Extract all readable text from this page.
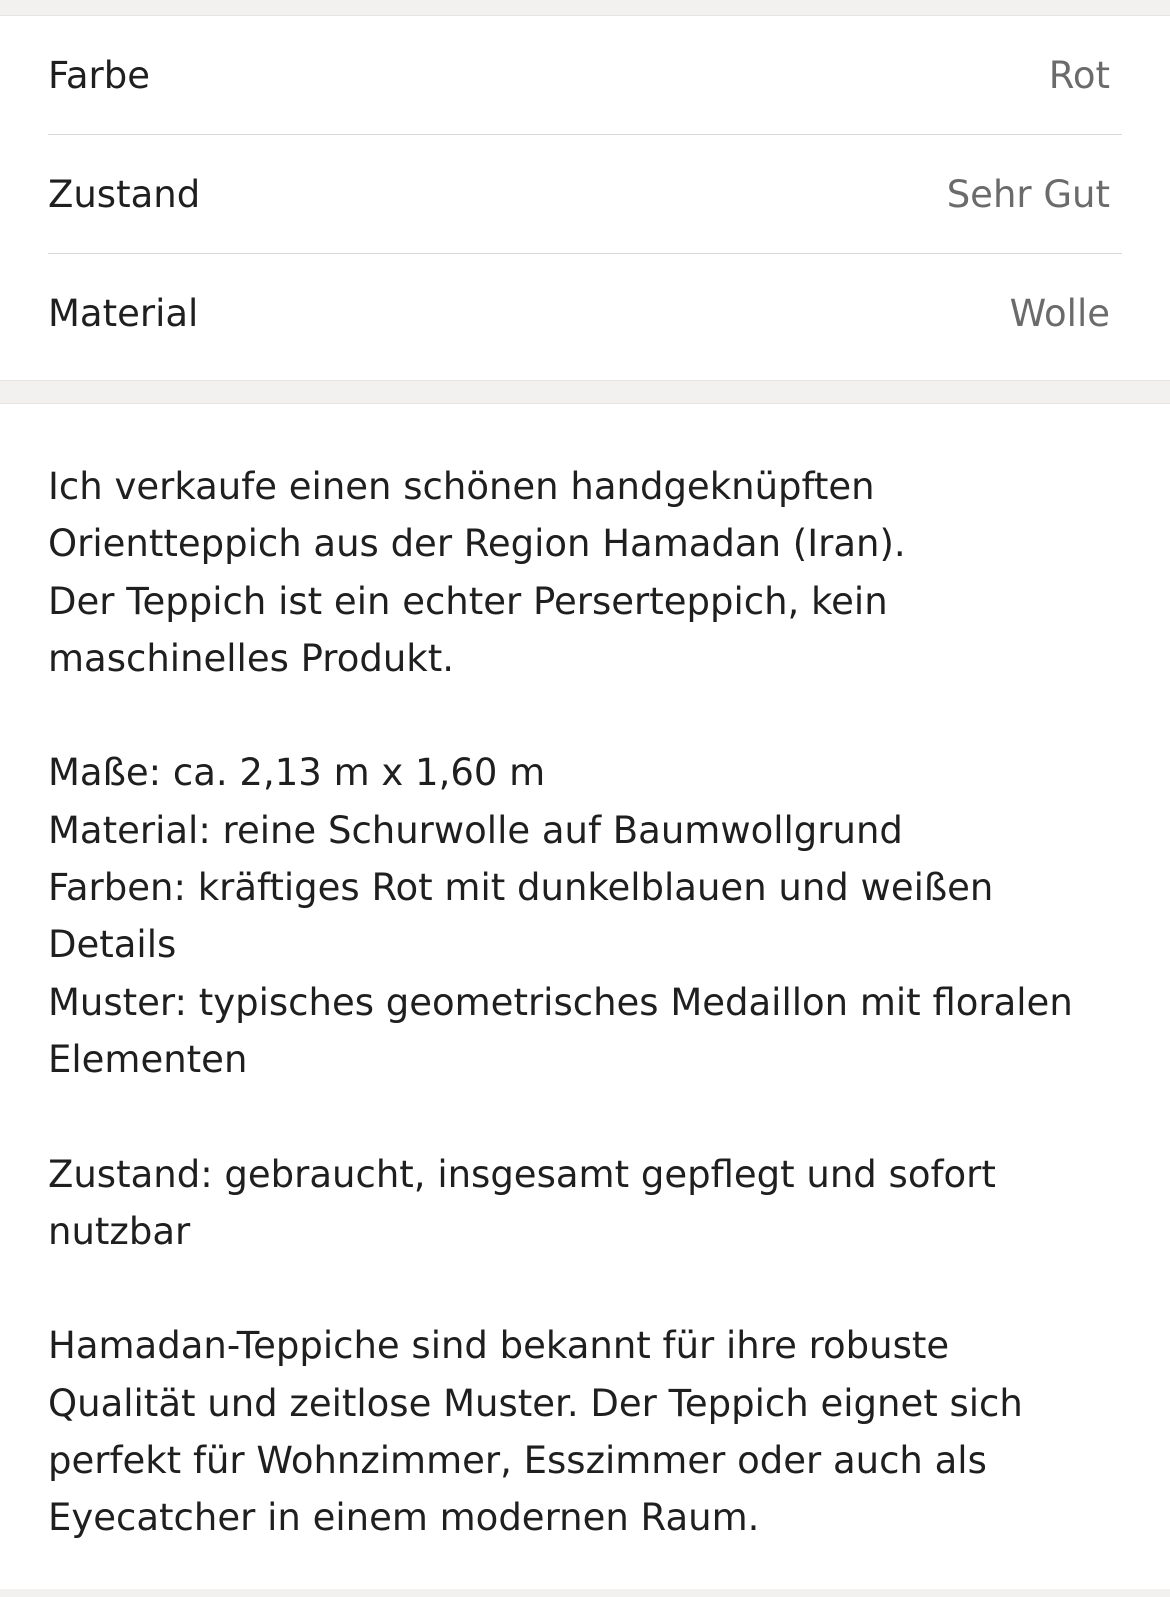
Farbe	Rot
Zustand	Sehr Gut
Material	Wolle

Ich verkaufe einen schönen handgeknüpften
Orientteppich aus der Region Hamadan (Iran).
Der Teppich ist ein echter Perserteppich, kein
maschinelles Produkt.

Maße: ca. 2,13 m x 1,60 m
Material: reine Schurwolle auf Baumwollgrund
Farben: kräftiges Rot mit dunkelblauen und weißen
Details
Muster: typisches geometrisches Medaillon mit floralen
Elementen

Zustand: gebraucht, insgesamt gepflegt und sofort
nutzbar

Hamadan-Teppiche sind bekannt für ihre robuste
Qualität und zeitlose Muster. Der Teppich eignet sich
perfekt für Wohnzimmer, Esszimmer oder auch als
Eyecatcher in einem modernen Raum.
